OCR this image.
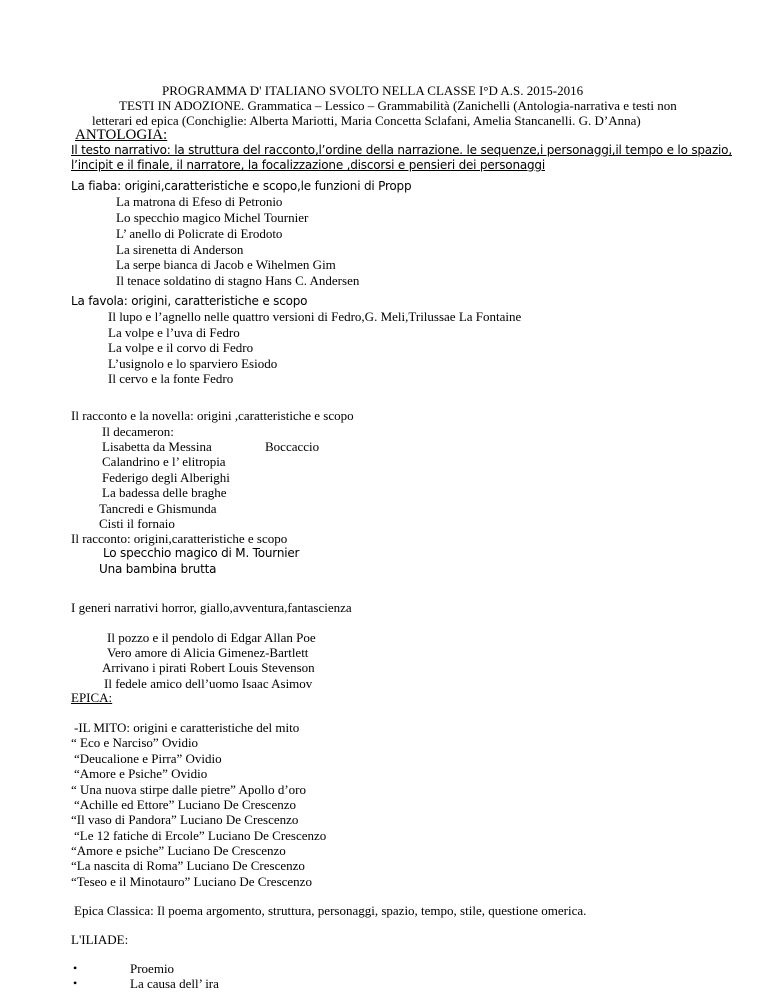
PROGRAMMA D' ITALIANO SVOLTO NELLA CLASSE I°D A.S. 2015-2016
TESTI IN ADOZIONE. Grammatica – Lessico – Grammabilità (Zanichelli (Antologia-narrativa e testi non
letterari ed epica (Conchiglie: Alberta Mariotti, Maria Concetta Sclafani, Amelia Stancanelli. G. D’Anna)
ANTOLOGIA:
Il testo narrativo: la struttura del racconto,l’ordine della narrazione. le sequenze,i personaggi,il tempo e lo spazio,
l’incipit e il finale, il narratore, la focalizzazione ,discorsi e pensieri dei personaggi
La fiaba: origini,caratteristiche e scopo,le funzioni di Propp
La matrona di Efeso di Petronio
Lo specchio magico Michel Tournier
L’ anello di Policrate di Erodoto
La sirenetta di Anderson
La serpe bianca di Jacob e Wihelmen Gim
Il tenace soldatino di stagno Hans C. Andersen
La favola: origini, caratteristiche e scopo
Il lupo e l’agnello nelle quattro versioni di Fedro,G. Meli,Trilussae La Fontaine
La volpe e l’uva di Fedro
La volpe e il corvo di Fedro
L’usignolo e lo sparviero Esiodo
Il cervo e la fonte Fedro
Il racconto e la novella: origini ,caratteristiche e scopo
Il decameron:
Lisabetta da Messina	Boccaccio
Calandrino e l’ elitropia
Federigo degli Alberighi
La badessa delle braghe
Tancredi e Ghismunda
Cisti il fornaio
Il racconto: origini,caratteristiche e scopo
Lo specchio magico di M. Tournier
Una bambina brutta
I generi narrativi horror, giallo,avventura,fantascienza
Il pozzo e il pendolo di Edgar Allan Poe
Vero amore di Alicia Gimenez-Bartlett
Arrivano i pirati Robert Louis Stevenson
Il fedele amico dell’uomo Isaac Asimov
EPICA:
-IL MITO: origini e caratteristiche del mito
“ Eco e Narciso” Ovidio
“Deucalione e Pirra” Ovidio
“Amore e Psiche” Ovidio
“ Una nuova stirpe dalle pietre” Apollo d’oro
“Achille ed Ettore” Luciano De Crescenzo
“Il vaso di Pandora” Luciano De Crescenzo
“Le 12 fatiche di Ercole” Luciano De Crescenzo
“Amore e psiche” Luciano De Crescenzo
“La nascita di Roma” Luciano De Crescenzo
“Teseo e il Minotauro” Luciano De Crescenzo
Epica Classica: Il poema argomento, struttura, personaggi, spazio, tempo, stile, questione omerica.
L'ILIADE:
•	Proemio
•	La causa dell’ ira
